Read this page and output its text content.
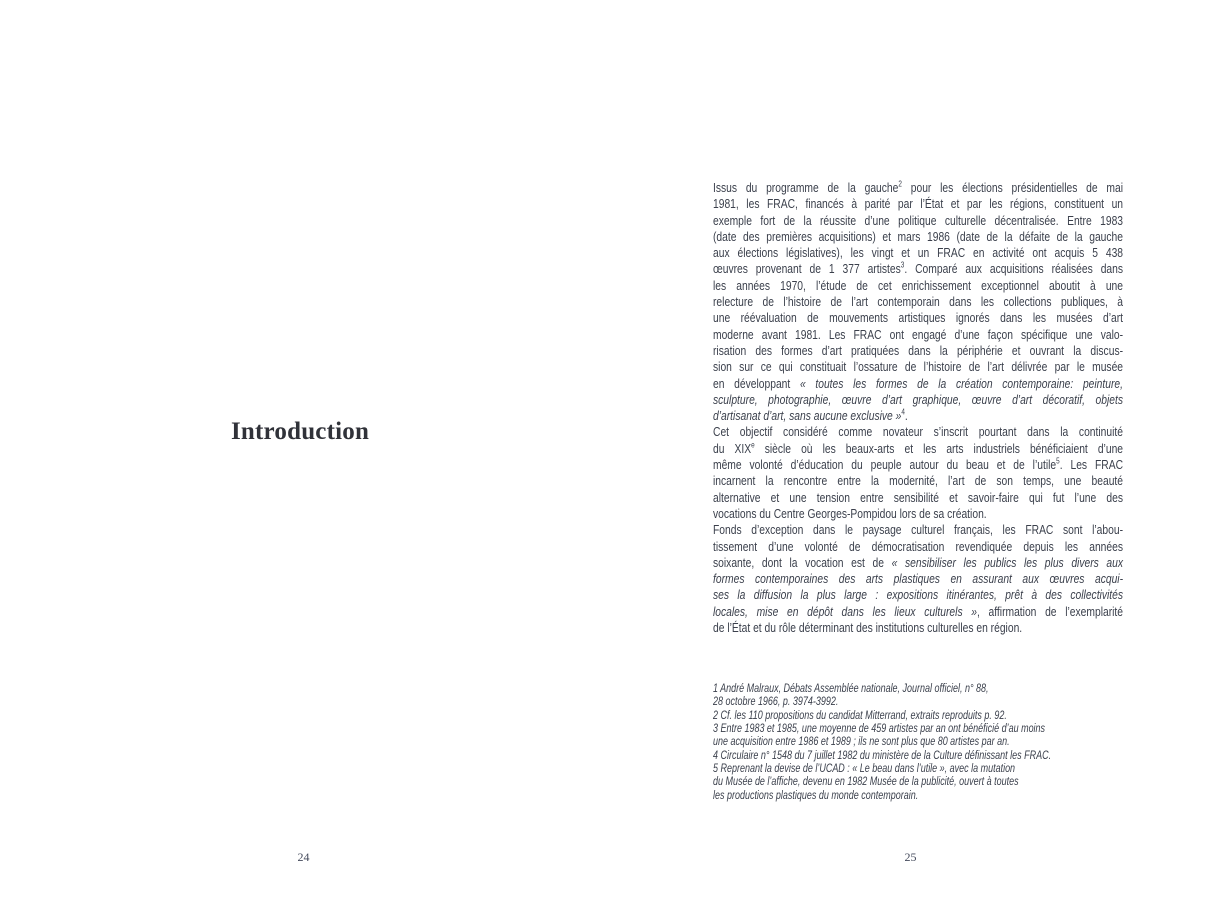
Introduction
24
Issus du programme de la gauche$^2$ pour les élections présidentielles de mai
1981, les FRAC, financés à parité par l’État et par les régions, constituent un
exemple fort de la réussite d’une politique culturelle décentralisée. Entre 1983
(date des premières acquisitions) et mars 1986 (date de la défaite de la gauche
aux élections législatives), les vingt et un FRAC en activité ont acquis 5 438
œuvres provenant de 1 377 artistes$^3$. Comparé aux acquisitions réalisées dans
les années 1970, l’étude de cet enrichissement exceptionnel aboutit à une
relecture de l’histoire de l’art contemporain dans les collections publiques, à
une réévaluation de mouvements artistiques ignorés dans les musées d’art
moderne avant 1981. Les FRAC ont engagé d’une façon spécifique une valo-
risation des formes d’art pratiquées dans la périphérie et ouvrant la discus-
sion sur ce qui constituait l’ossature de l’histoire de l’art délivrée par le musée
en développant « toutes les formes de la création contemporaine: peinture,
sculpture, photographie, œuvre d’art graphique, œuvre d’art décoratif, objets
d’artisanat d’art, sans aucune exclusive »$^4$.
Cet objectif considéré comme novateur s’inscrit pourtant dans la continuité
du XIXe siècle où les beaux-arts et les arts industriels bénéficiaient d’une
même volonté d’éducation du peuple autour du beau et de l’utile$^5$. Les FRAC
incarnent la rencontre entre la modernité, l’art de son temps, une beauté
alternative et une tension entre sensibilité et savoir-faire qui fut l’une des
vocations du Centre Georges-Pompidou lors de sa création.
Fonds d’exception dans le paysage culturel français, les FRAC sont l’abou-
tissement d’une volonté de démocratisation revendiquée depuis les années
soixante, dont la vocation est de « sensibiliser les publics les plus divers aux
formes contemporaines des arts plastiques en assurant aux œuvres acqui-
ses la diffusion la plus large : expositions itinérantes, prêt à des collectivités
locales, mise en dépôt dans les lieux culturels », affirmation de l’exemplarité
de l’État et du rôle déterminant des institutions culturelles en région.
1 André Malraux, Débats Assemblée nationale, Journal officiel, n° 88,
28 octobre 1966, p. 3974-3992.
2 Cf. les 110 propositions du candidat Mitterrand, extraits reproduits p. 92.
3 Entre 1983 et 1985, une moyenne de 459 artistes par an ont bénéficié d’au moins
une acquisition entre 1986 et 1989 ; ils ne sont plus que 80 artistes par an.
4 Circulaire n° 1548 du 7 juillet 1982 du ministère de la Culture définissant les FRAC.
5 Reprenant la devise de l’UCAD : « Le beau dans l’utile », avec la mutation
du Musée de l’affiche, devenu en 1982 Musée de la publicité, ouvert à toutes
les productions plastiques du monde contemporain.
25
